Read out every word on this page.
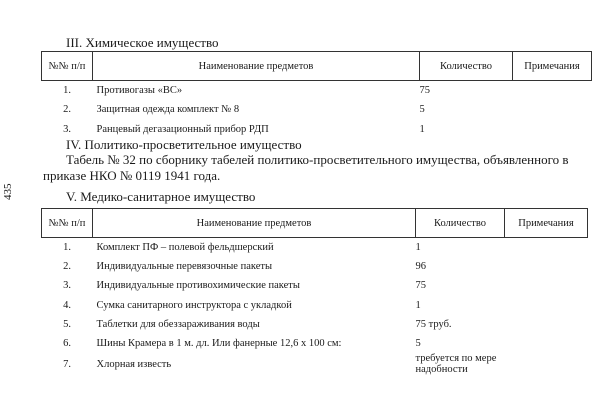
435
III. Химическое имущество
№№ п/п	Наименование предметов	Количество	Примечания
1.	Противогазы «ВС»	75	
2.	Защитная одежда комплект № 8	5	
3.	Ранцевый дегазационный прибор РДП	1	
IV. Политико-просветительное имущество
Табель № 32 по сборнику табелей политико-просветительного имущества, объявленного в приказе НКО № 0119 1941 года.
V. Медико-санитарное имущество
№№ п/п	Наименование предметов	Количество	Примечания
1.	Комплект ПФ – полевой фельдшерский	1	
2.	Индивидуальные перевязочные пакеты	96	
3.	Индивидуальные противохимические пакеты	75	
4.	Сумка санитарного инструктора с укладкой	1	
5.	Таблетки для обеззараживания воды	75 труб.	
6.	Шины Крамера в 1 м. дл. Или фанерные 12,6 х 100 см:	5	
7.	Хлорная известь	требуется по мере надобности	
